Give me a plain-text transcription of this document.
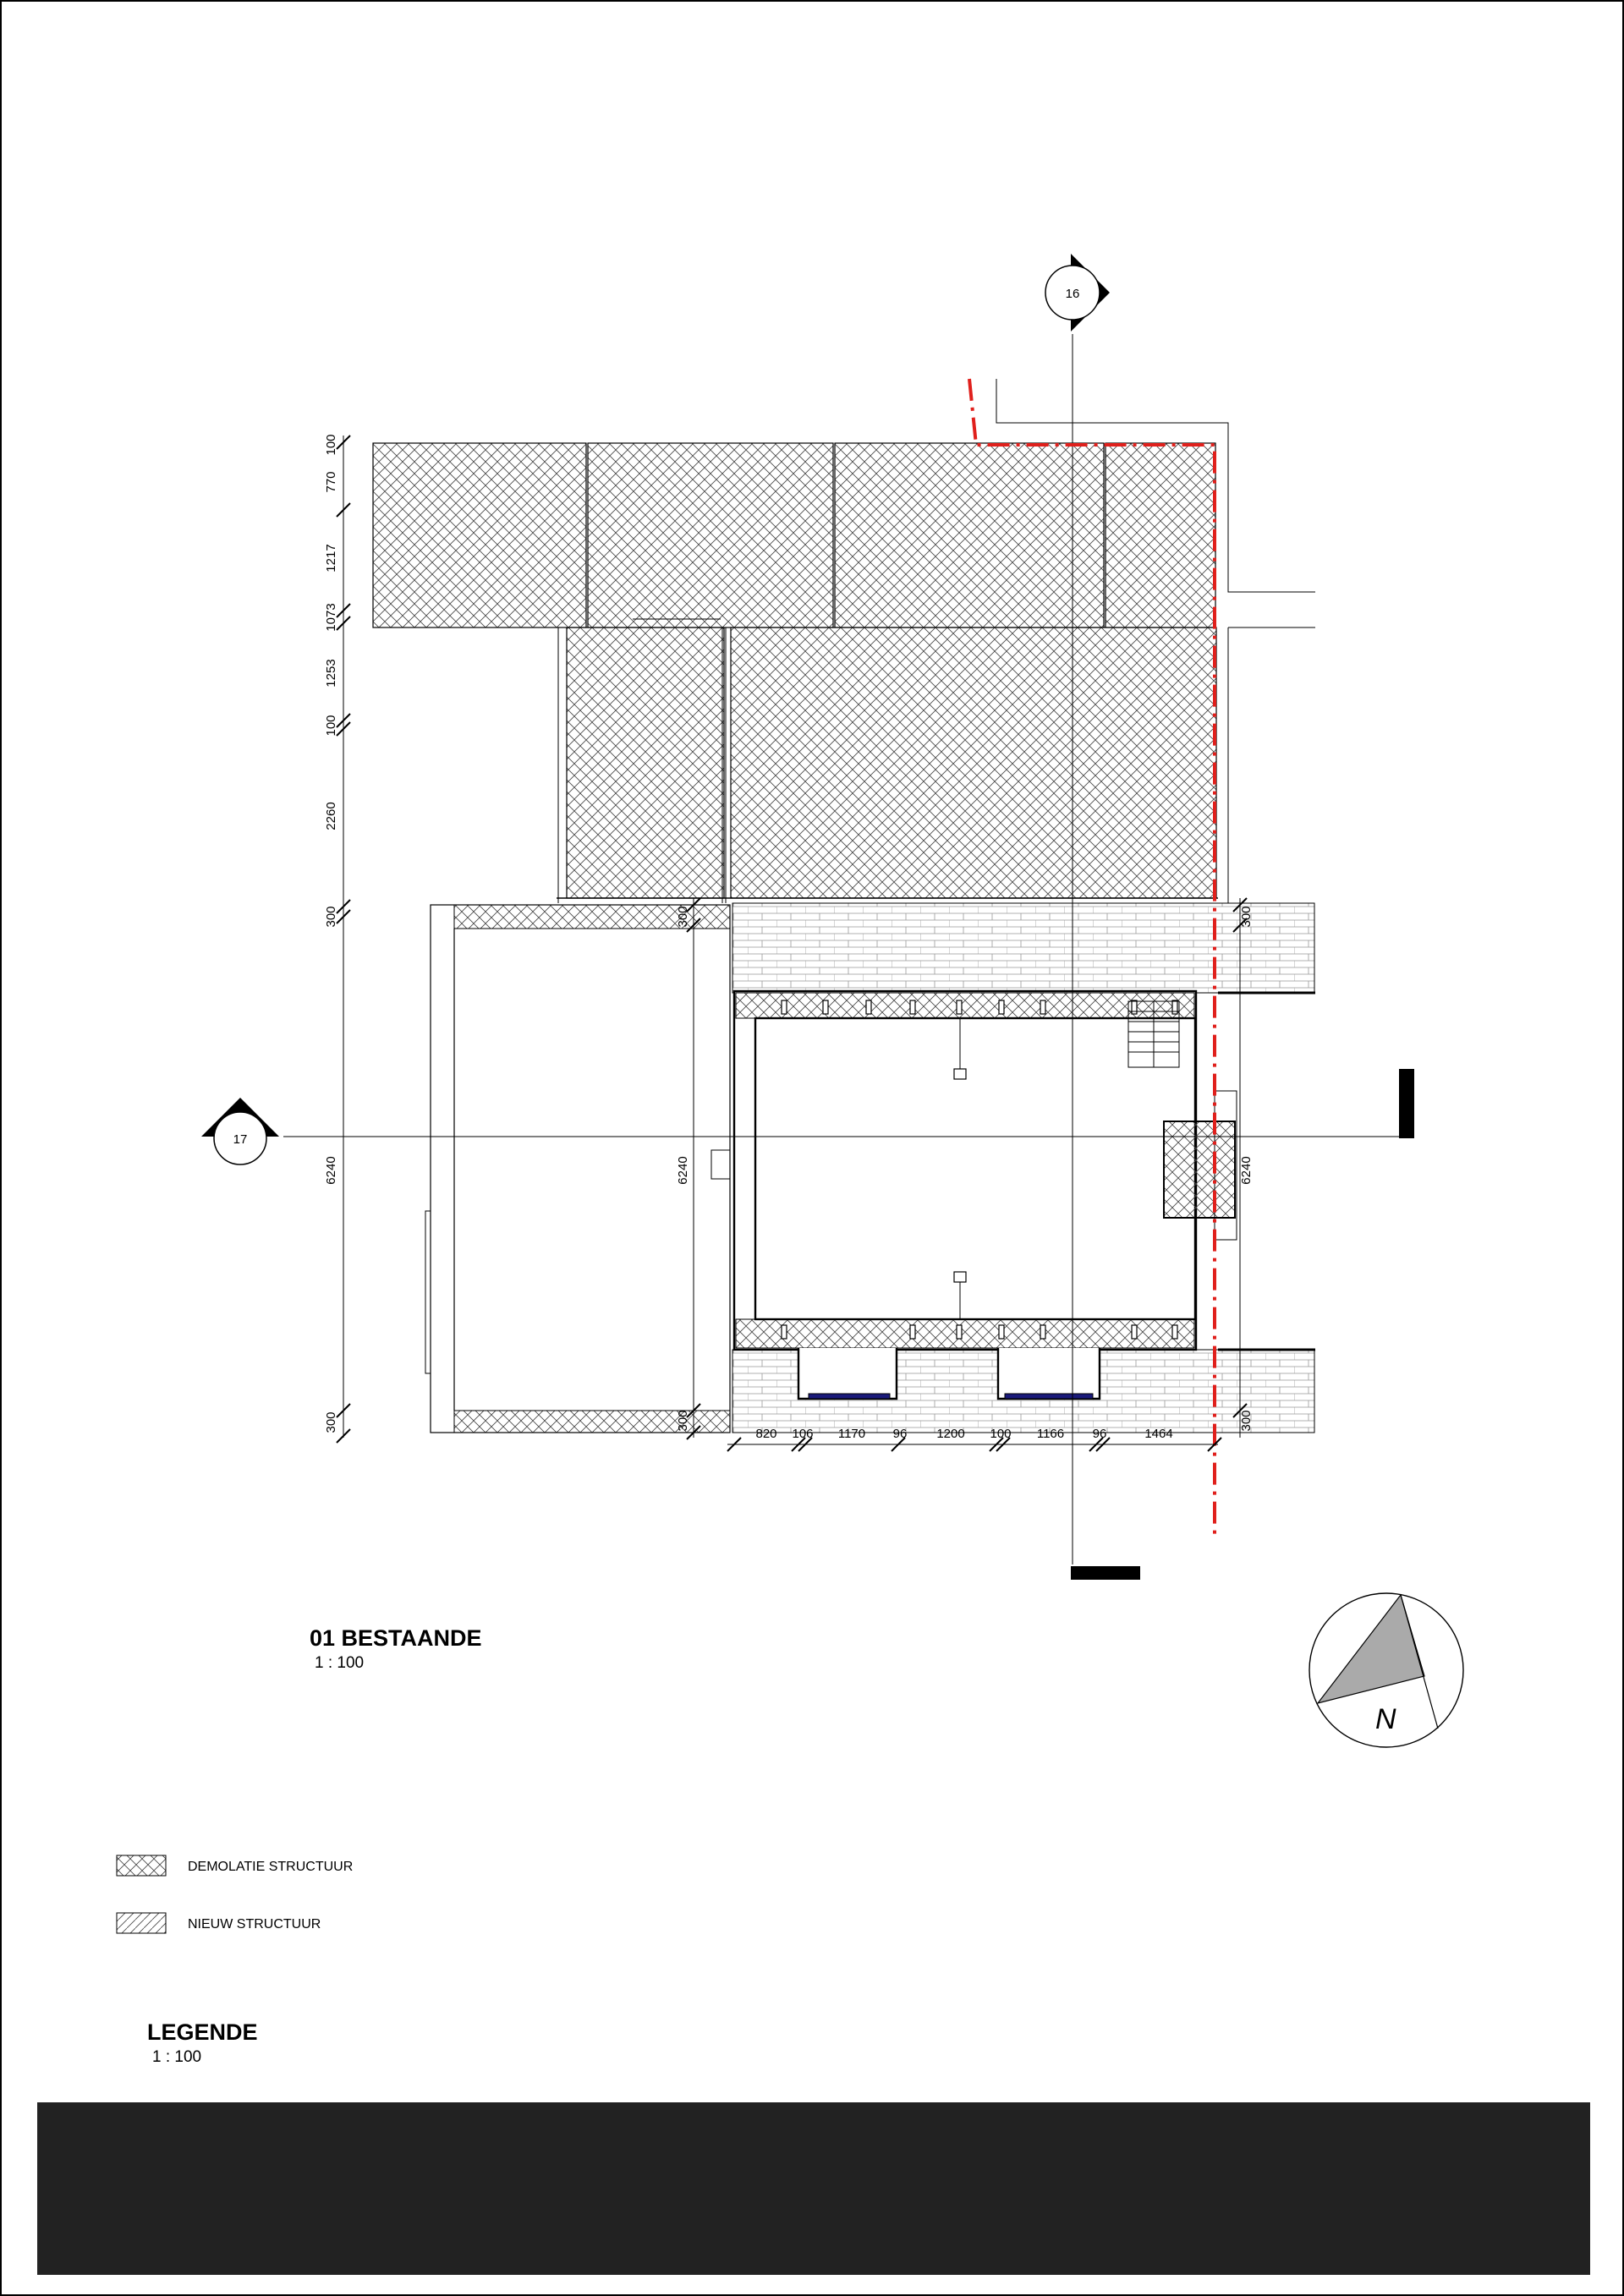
16
17
100
770
1217
1073
1253
100
2260
300
6240
300
300
6240
300
300
6240
300
820 106 1170 96 1200 100 1166 96	1464
01 BESTAANDE
1 : 100
N
DEMOLATIE STRUCTUUR
NIEUW STRUCTUUR
LEGENDE
1 : 100
